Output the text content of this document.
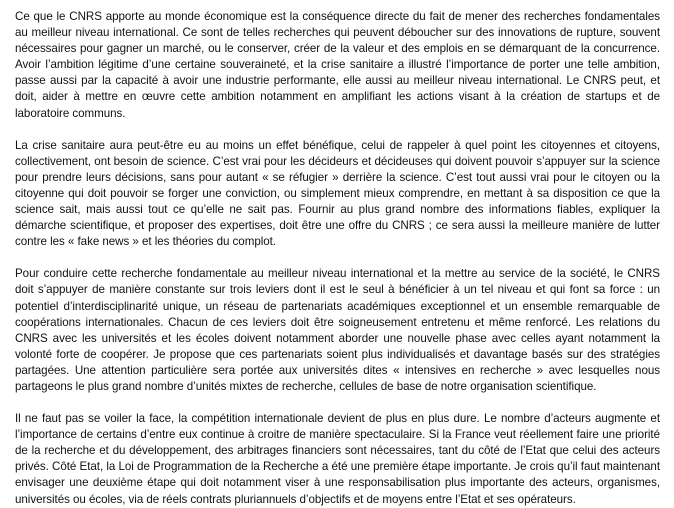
Ce que le CNRS apporte au monde économique est la conséquence directe du fait de mener des recherches fondamentales au meilleur niveau international. Ce sont de telles recherches qui peuvent déboucher sur des innovations de rupture, souvent nécessaires pour gagner un marché, ou le conserver, créer de la valeur et des emplois en se démarquant de la concurrence. Avoir l’ambition légitime d’une certaine souveraineté, et la crise sanitaire a illustré l’importance de porter une telle ambition, passe aussi par la capacité à avoir une industrie performante, elle aussi au meilleur niveau international. Le CNRS peut, et doit, aider à mettre en œuvre cette ambition notamment en amplifiant les actions visant à la création de startups et de laboratoire communs.

La crise sanitaire aura peut-être eu au moins un effet bénéfique, celui de rappeler à quel point les citoyennes et citoyens, collectivement, ont besoin de science. C’est vrai pour les décideurs et décideuses qui doivent pouvoir s’appuyer sur la science pour prendre leurs décisions, sans pour autant « se réfugier » derrière la science. C’est tout aussi vrai pour le citoyen ou la citoyenne qui doit pouvoir se forger une conviction, ou simplement mieux comprendre, en mettant à sa disposition ce que la science sait, mais aussi tout ce qu’elle ne sait pas. Fournir au plus grand nombre des informations fiables, expliquer la démarche scientifique, et proposer des expertises, doit être une offre du CNRS ; ce sera aussi la meilleure manière de lutter contre les « fake news » et les théories du complot.

Pour conduire cette recherche fondamentale au meilleur niveau international et la mettre au service de la société, le CNRS doit s’appuyer de manière constante sur trois leviers dont il est le seul à bénéficier à un tel niveau et qui font sa force : un potentiel d’interdisciplinarité unique, un réseau de partenariats académiques exceptionnel et un ensemble remarquable de coopérations internationales. Chacun de ces leviers doit être soigneusement entretenu et même renforcé. Les relations du CNRS avec les universités et les écoles doivent notamment aborder une nouvelle phase avec celles ayant notamment la volonté forte de coopérer. Je propose que ces partenariats soient plus individualisés et davantage basés sur des stratégies partagées. Une attention particulière sera portée aux universités dites « intensives en recherche » avec lesquelles nous partageons le plus grand nombre d’unités mixtes de recherche, cellules de base de notre organisation scientifique.

Il ne faut pas se voiler la face, la compétition internationale devient de plus en plus dure. Le nombre d’acteurs augmente et l’importance de certains d’entre eux continue à croitre de manière spectaculaire. Si la France veut réellement faire une priorité de la recherche et du développement, des arbitrages financiers sont nécessaires, tant du côté de l’Etat que celui des acteurs privés. Côté Etat, la Loi de Programmation de la Recherche a été une première étape importante. Je crois qu’il faut maintenant envisager une deuxième étape qui doit notamment viser à une responsabilisation plus importante des acteurs, organismes, universités ou écoles, via de réels contrats pluriannuels d’objectifs et de moyens entre l’Etat et ses opérateurs.
